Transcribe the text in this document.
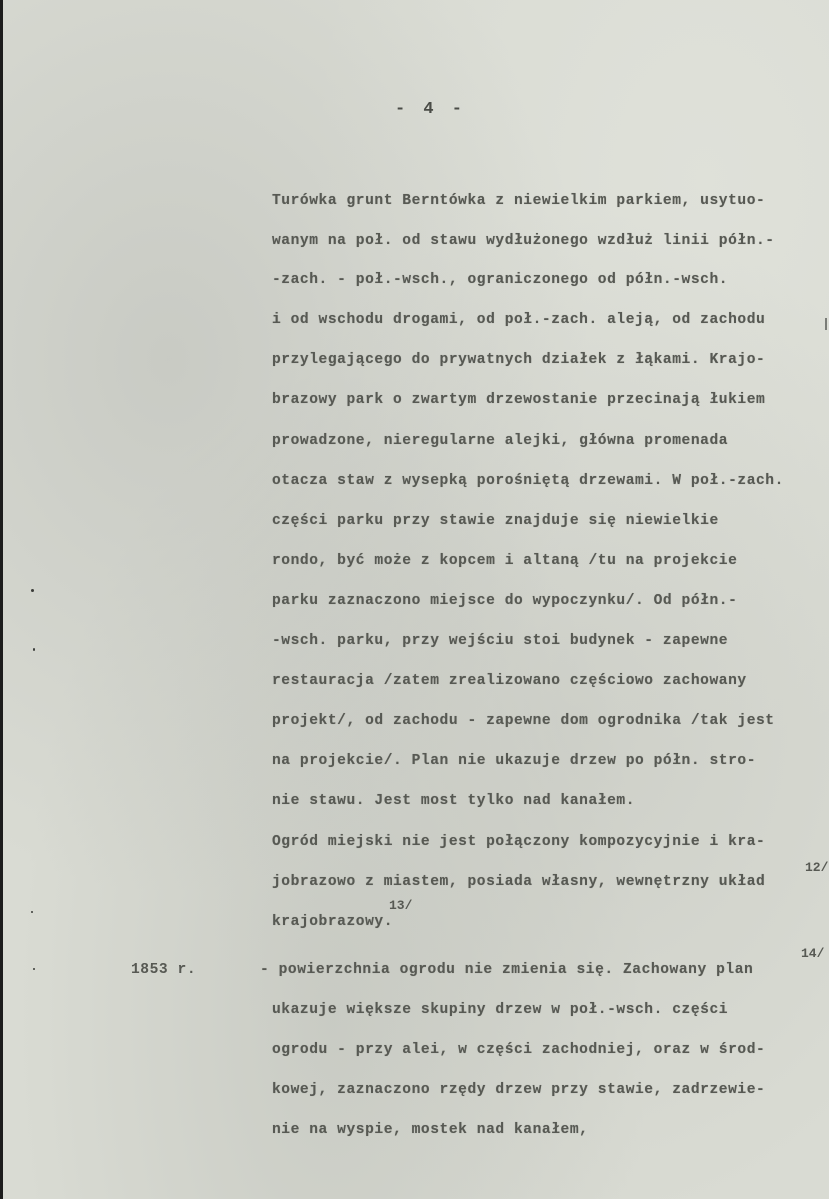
- 4 -
Turówka grunt Berntówka z niewielkim parkiem, usytuo-
wanym na poł. od stawu wydłużonego wzdłuż linii półn.-
-zach. - poł.-wsch., ograniczonego od półn.-wsch.
i od wschodu drogami, od poł.-zach. aleją, od zachodu
przylegającego do prywatnych działek z łąkami. Krajo-
brazowy park o zwartym drzewostanie przecinają łukiem
prowadzone, nieregularne alejki, główna promenada
otacza staw z wysepką porośniętą drzewami. W poł.-zach.
części parku przy stawie znajduje się niewielkie
rondo, być może z kopcem i altaną /tu na projekcie
parku zaznaczono miejsce do wypoczynku/. Od półn.-
-wsch. parku, przy wejściu stoi budynek - zapewne
restauracja /zatem zrealizowano częściowo zachowany
projekt/, od zachodu - zapewne dom ogrodnika /tak jest
na projekcie/. Plan nie ukazuje drzew po półn. stro-
nie stawu. Jest most tylko nad kanałem.
Ogród miejski nie jest połączony kompozycyjnie i kra-
jobrazowo z miastem, posiada własny, wewnętrzny układ
12/
krajobrazowy.
13/
1853 r.	- powierzchnia ogrodu nie zmienia się. Zachowany plan
14/
ukazuje większe skupiny drzew w poł.-wsch. części
ogrodu - przy alei, w części zachodniej, oraz w środ-
kowej, zaznaczono rzędy drzew przy stawie, zadrzewie-
nie na wyspie, mostek nad kanałem,
